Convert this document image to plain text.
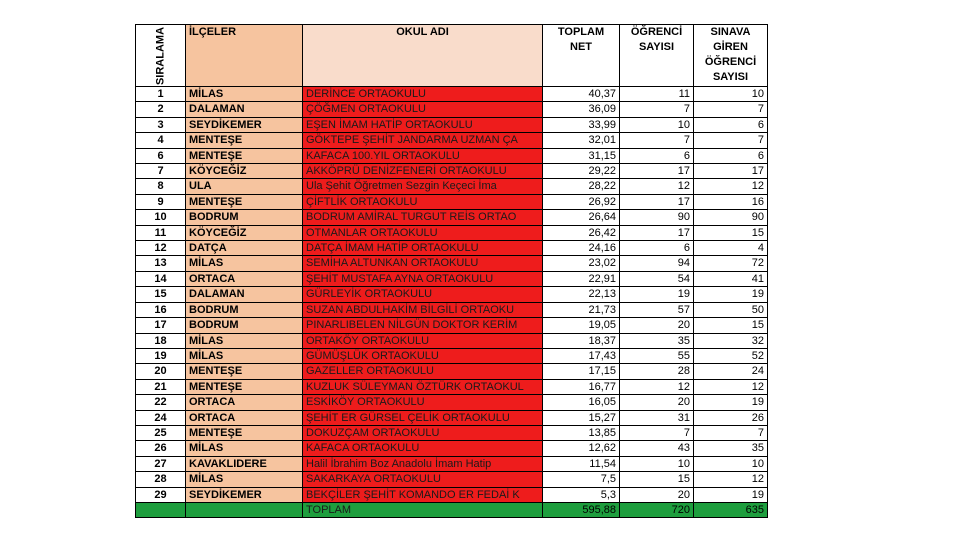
SIRALAMA	İLÇELER	OKUL ADI	TOPLAM NET	ÖĞRENCİ SAYISI	SINAVA GİREN ÖĞRENCİ SAYISI
1	MİLAS	DERİNCE ORTAOKULU	40,37	11	10
2	DALAMAN	ÇÖĞMEN ORTAOKULU	36,09	7	7
3	SEYDİKEMER	EŞEN İMAM HATİP ORTAOKULU	33,99	10	6
4	MENTEŞE	GÖKTEPE ŞEHİT JANDARMA UZMAN ÇA	32,01	7	7
6	MENTEŞE	KAFACA 100.YIL ORTAOKULU	31,15	6	6
7	KÖYCEĞİZ	AKKÖPRÜ DENİZFENERİ ORTAOKULU	29,22	17	17
8	ULA	Ula Şehit Öğretmen Sezgin Keçeci İma	28,22	12	12
9	MENTEŞE	ÇİFTLİK ORTAOKULU	26,92	17	16
10	BODRUM	BODRUM AMİRAL TURGUT REİS ORTAO	26,64	90	90
11	KÖYCEĞİZ	OTMANLAR ORTAOKULU	26,42	17	15
12	DATÇA	DATÇA İMAM HATİP ORTAOKULU	24,16	6	4
13	MİLAS	SEMİHA ALTUNKAN ORTAOKULU	23,02	94	72
14	ORTACA	ŞEHİT MUSTAFA AYNA ORTAOKULU	22,91	54	41
15	DALAMAN	GÜRLEYİK ORTAOKULU	22,13	19	19
16	BODRUM	SUZAN ABDULHAKİM BİLGİLİ ORTAOKU	21,73	57	50
17	BODRUM	PINARLIBELEN NİLGÜN DOKTOR KERİM	19,05	20	15
18	MİLAS	ORTAKÖY ORTAOKULU	18,37	35	32
19	MİLAS	GÜMÜŞLÜK ORTAOKULU	17,43	55	52
20	MENTEŞE	GAZELLER ORTAOKULU	17,15	28	24
21	MENTEŞE	KUZLUK SÜLEYMAN ÖZTÜRK ORTAOKUL	16,77	12	12
22	ORTACA	ESKİKÖY ORTAOKULU	16,05	20	19
24	ORTACA	ŞEHİT ER GÜRSEL ÇELİK ORTAOKULU	15,27	31	26
25	MENTEŞE	DOKUZÇAM ORTAOKULU	13,85	7	7
26	MİLAS	KAFACA ORTAOKULU	12,62	43	35
27	KAVAKLIDERE	Halil İbrahim Boz Anadolu İmam Hatip	11,54	10	10
28	MİLAS	SAKARKAYA ORTAOKULU	7,5	15	12
29	SEYDİKEMER	BEKÇİLER ŞEHİT KOMANDO ER FEDAİ K	5,3	20	19
		TOPLAM	595,88	720	635
